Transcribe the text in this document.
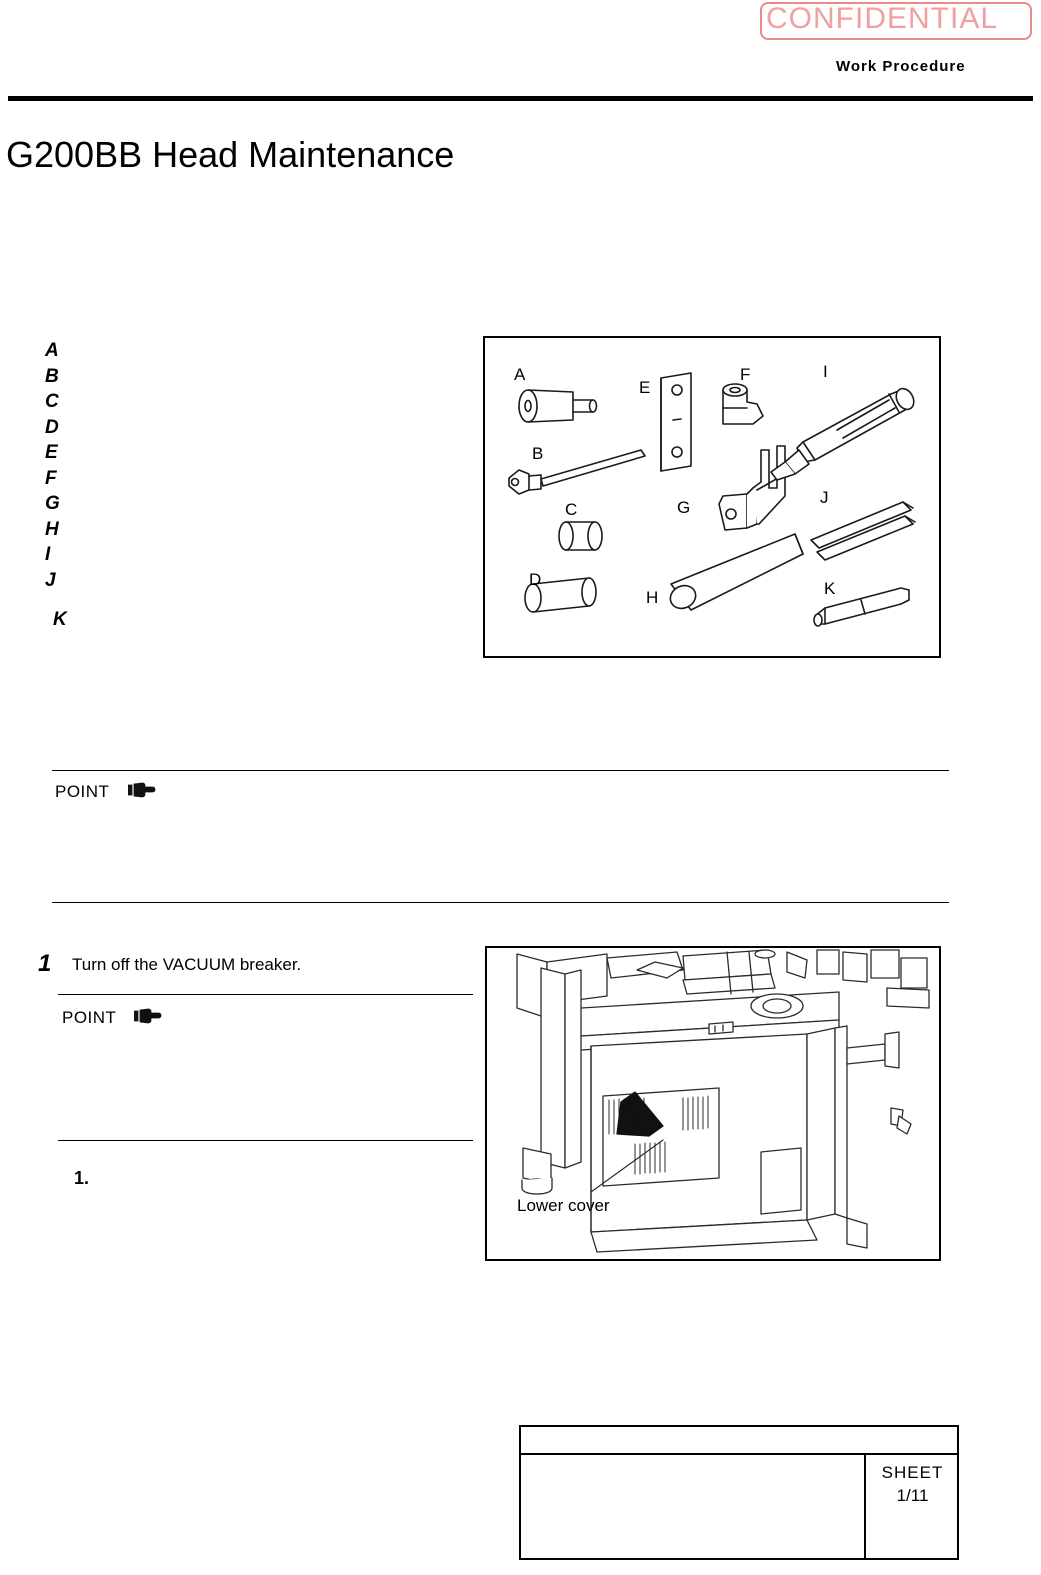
CONFIDENTIAL
Work Procedure
G200BB Head Maintenance
A
B
C
D
E
F
G
H
I
J
K
A
B
C
D
E
F
G
H
I
J
K
POINT
1 Turn off the VACUUM breaker.
POINT
1.
Lower cover
SHEET
1/11
